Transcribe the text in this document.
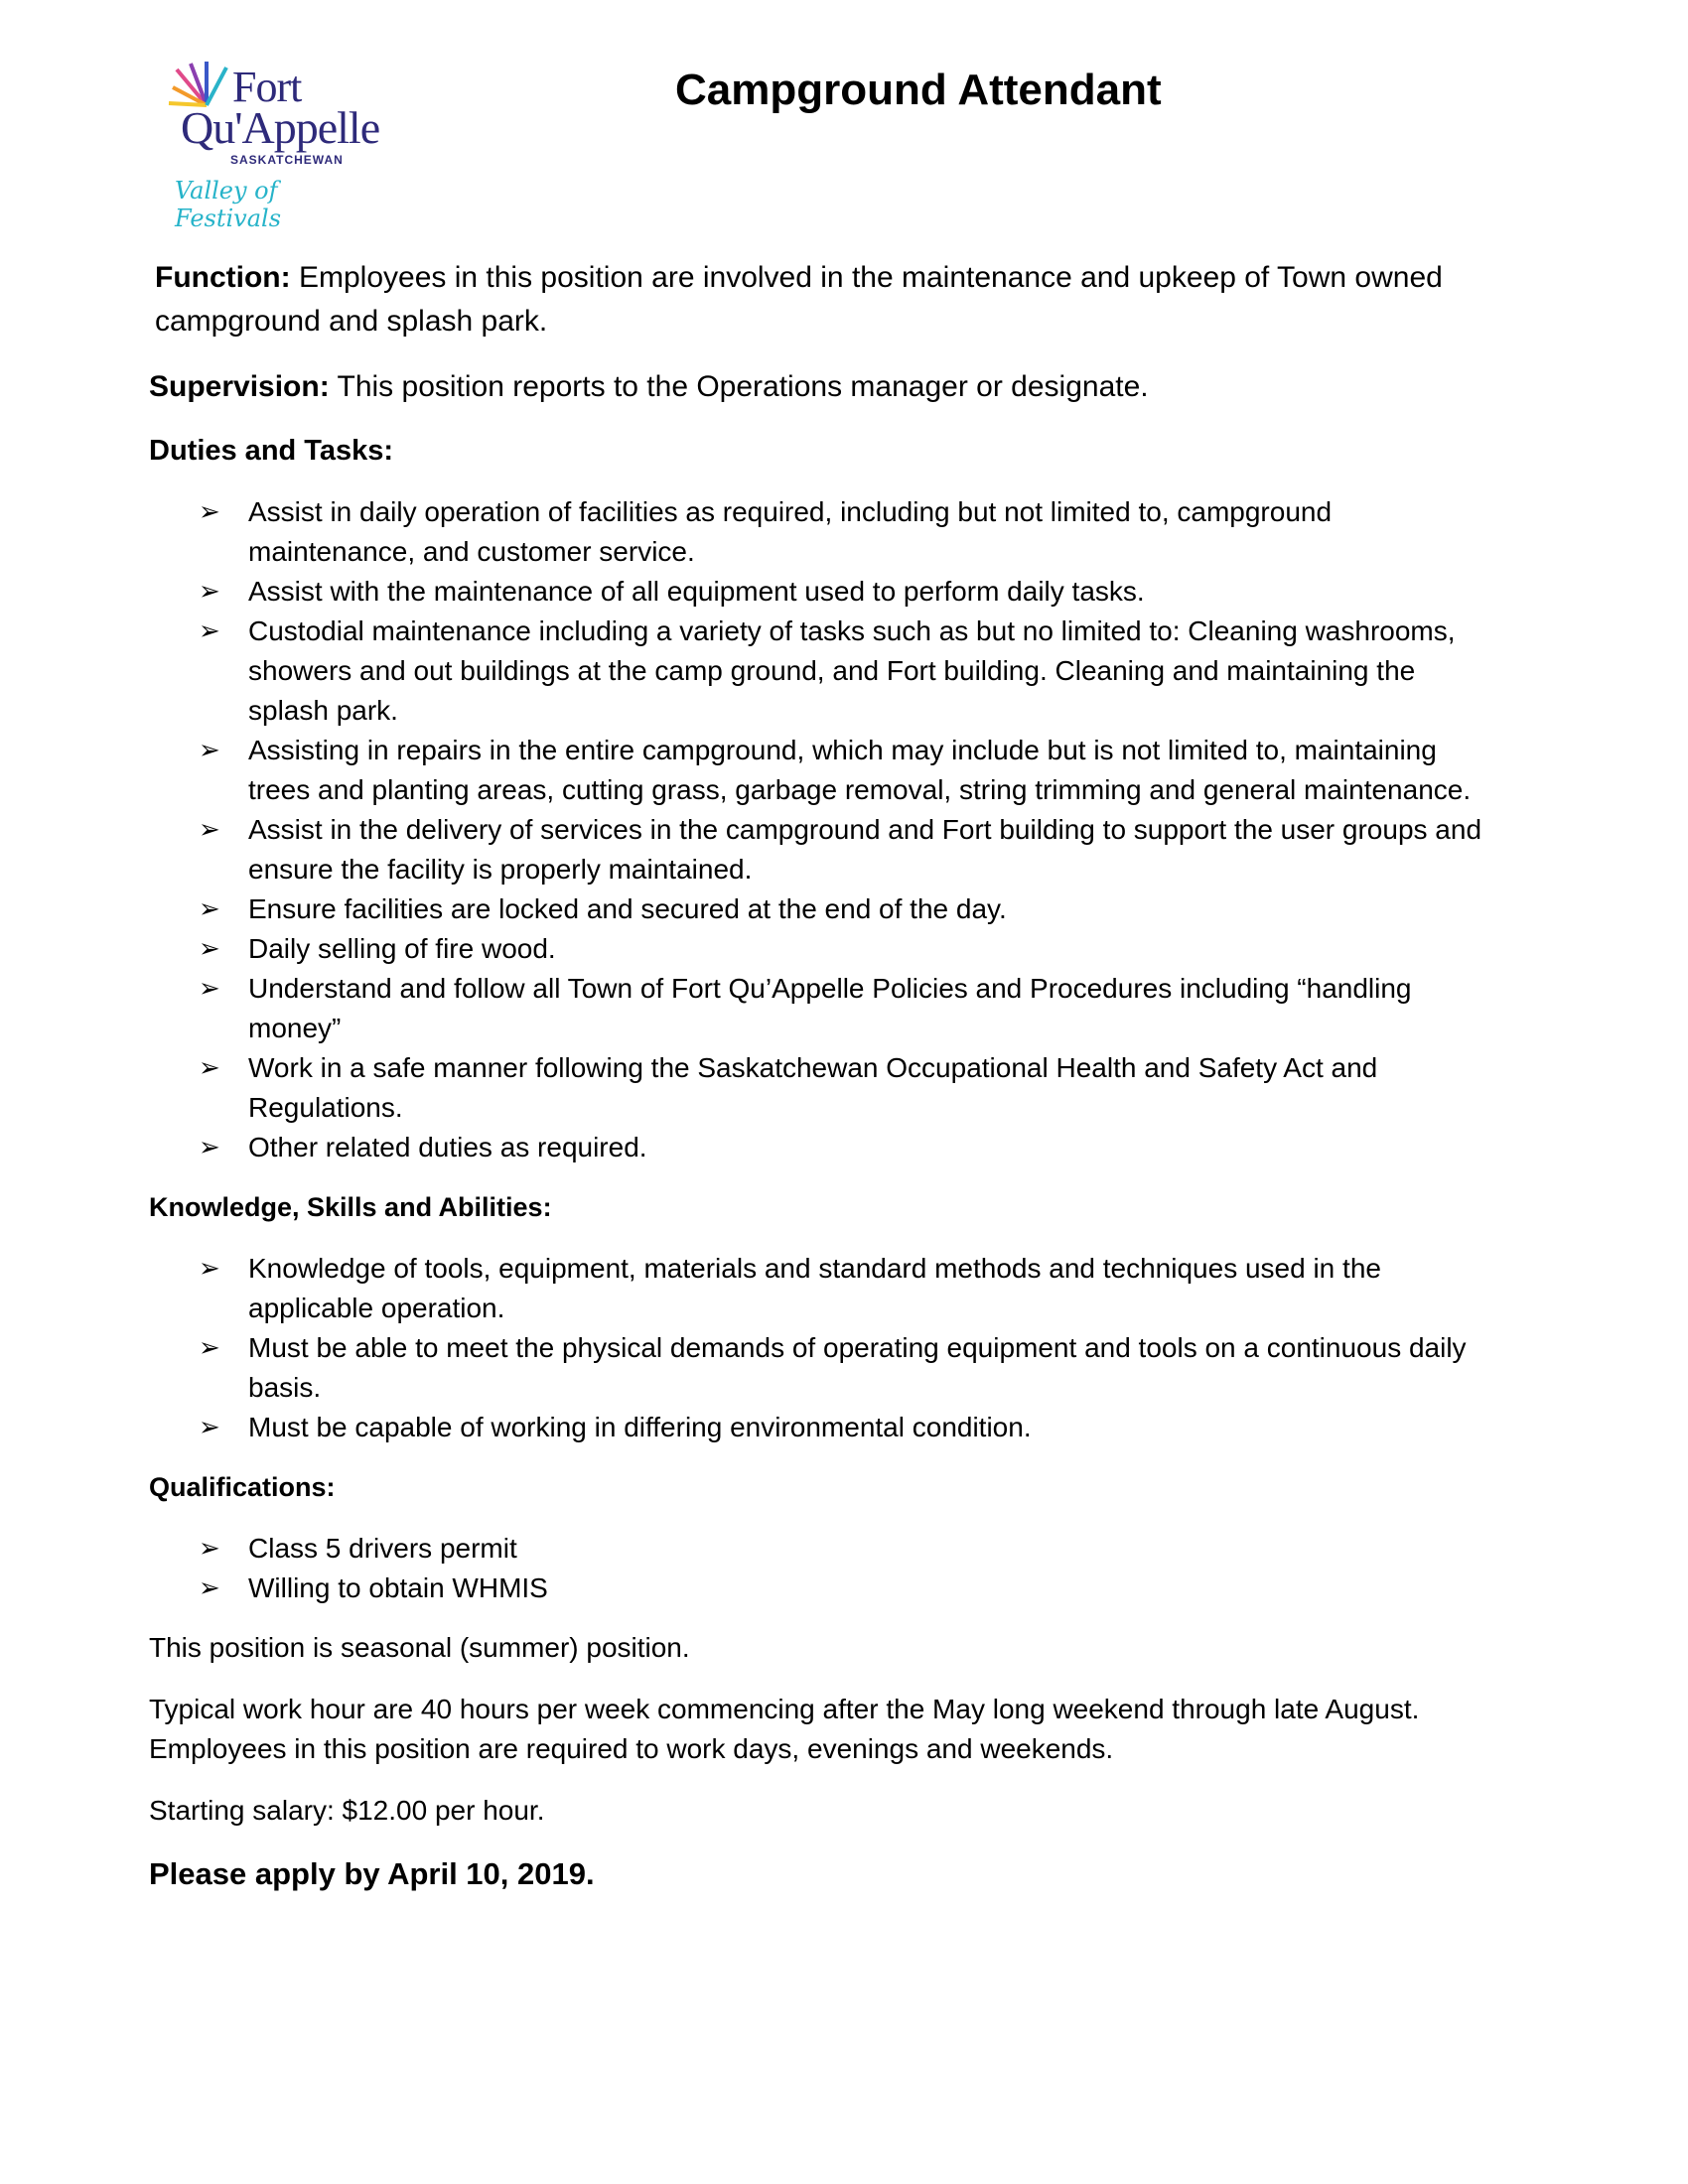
Fort
Qu'Appelle
SASKATCHEWAN
Valley of Festivals
Campground Attendant

Function: Employees in this position are involved in the maintenance and upkeep of Town owned campground and splash park.

Supervision: This position reports to the Operations manager or designate.

Duties and Tasks:
➢ Assist in daily operation of facilities as required, including but not limited to, campground maintenance, and customer service.
➢ Assist with the maintenance of all equipment used to perform daily tasks.
➢ Custodial maintenance including a variety of tasks such as but no limited to: Cleaning washrooms, showers and out buildings at the camp ground, and Fort building. Cleaning and maintaining the splash park.
➢ Assisting in repairs in the entire campground, which may include but is not limited to, maintaining trees and planting areas, cutting grass, garbage removal, string trimming and general maintenance.
➢ Assist in the delivery of services in the campground and Fort building to support the user groups and ensure the facility is properly maintained.
➢ Ensure facilities are locked and secured at the end of the day.
➢ Daily selling of fire wood.
➢ Understand and follow all Town of Fort Qu’Appelle Policies and Procedures including “handling money”
➢ Work in a safe manner following the Saskatchewan Occupational Health and Safety Act and Regulations.
➢ Other related duties as required.
Knowledge, Skills and Abilities:
➢ Knowledge of tools, equipment, materials and standard methods and techniques used in the applicable operation.
➢ Must be able to meet the physical demands of operating equipment and tools on a continuous daily basis.
➢ Must be capable of working in differing environmental condition.
Qualifications:
➢ Class 5 drivers permit
➢ Willing to obtain WHMIS

This position is seasonal (summer) position.

Typical work hour are 40 hours per week commencing after the May long weekend through late August. Employees in this position are required to work days, evenings and weekends.

Starting salary: $12.00 per hour.

Please apply by April 10, 2019.
